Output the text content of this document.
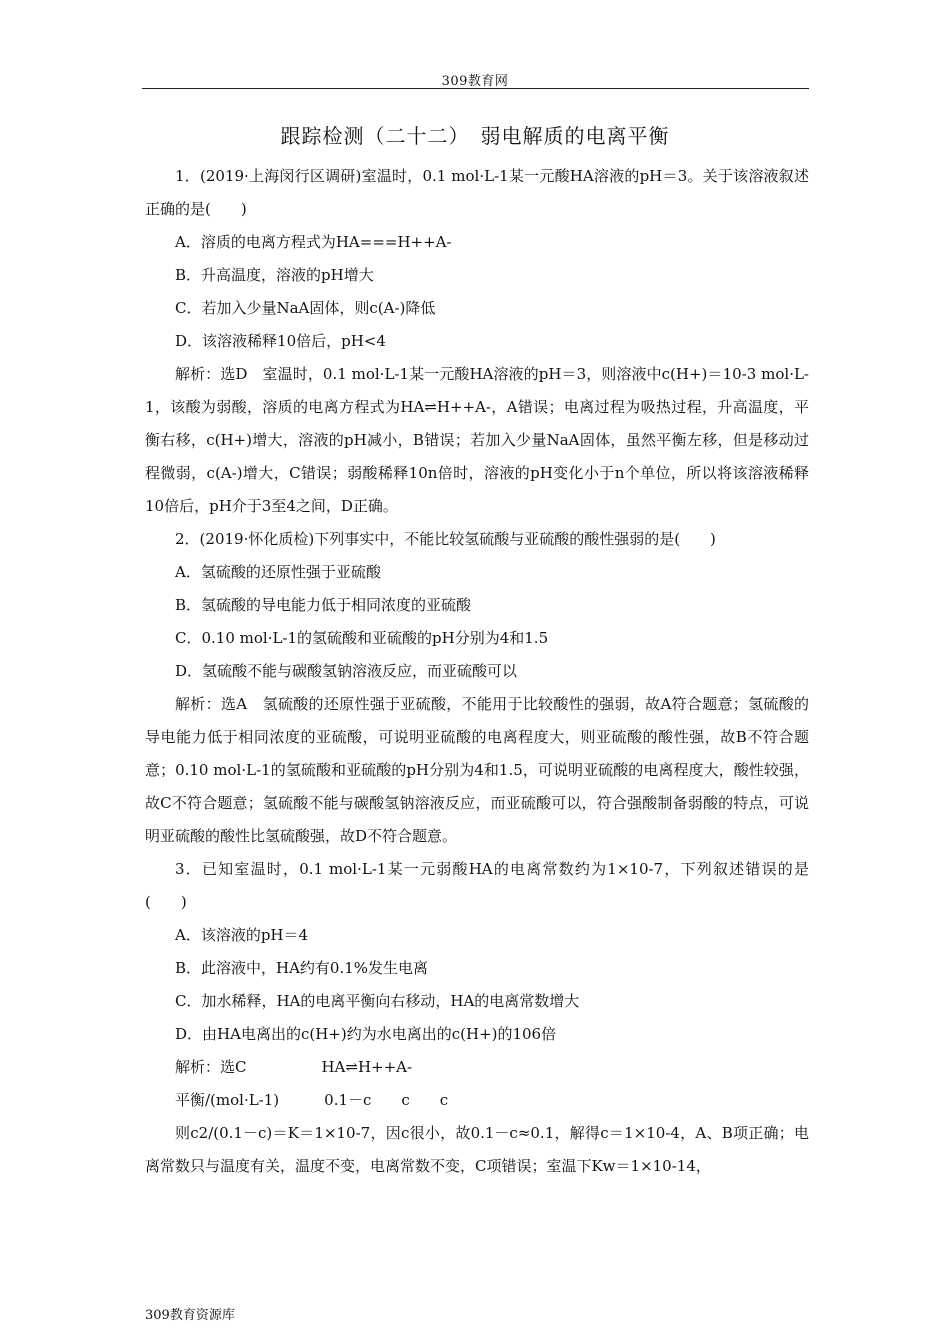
309教育网
跟踪检测（二十二）　弱电解质的电离平衡

1．(2019·上海闵行区调研)室温时，0.1 mol·L-1某一元酸HA溶液的pH＝3。关于该溶液叙述正确的是(　　)

A．溶质的电离方程式为HA===H++A-

B．升高温度，溶液的pH增大

C．若加入少量NaA固体，则c(A-)降低

D．该溶液稀释10倍后，pH<4

解析：选D　室温时，0.1 mol·L-1某一元酸HA溶液的pH＝3，则溶液中c(H+)＝10-3 mol·L-1，该酸为弱酸，溶质的电离方程式为HA⇌H++A-，A错误；电离过程为吸热过程，升高温度，平衡右移，c(H+)增大，溶液的pH减小，B错误；若加入少量NaA固体，虽然平衡左移，但是移动过程微弱，c(A-)增大，C错误；弱酸稀释10n倍时，溶液的pH变化小于n个单位，所以将该溶液稀释10倍后，pH介于3至4之间，D正确。

2．(2019·怀化质检)下列事实中，不能比较氢硫酸与亚硫酸的酸性强弱的是(　　)

A．氢硫酸的还原性强于亚硫酸

B．氢硫酸的导电能力低于相同浓度的亚硫酸

C．0.10 mol·L-1的氢硫酸和亚硫酸的pH分别为4和1.5

D．氢硫酸不能与碳酸氢钠溶液反应，而亚硫酸可以

解析：选A　氢硫酸的还原性强于亚硫酸，不能用于比较酸性的强弱，故A符合题意；氢硫酸的导电能力低于相同浓度的亚硫酸，可说明亚硫酸的电离程度大，则亚硫酸的酸性强，故B不符合题意；0.10 mol·L-1的氢硫酸和亚硫酸的pH分别为4和1.5，可说明亚硫酸的电离程度大，酸性较强，故C不符合题意；氢硫酸不能与碳酸氢钠溶液反应，而亚硫酸可以，符合强酸制备弱酸的特点，可说明亚硫酸的酸性比氢硫酸强，故D不符合题意。

3．已知室温时，0.1 mol·L-1某一元弱酸HA的电离常数约为1×10-7，下列叙述错误的是(　　)

A．该溶液的pH＝4

B．此溶液中，HA约有0.1%发生电离

C．加水稀释，HA的电离平衡向右移动，HA的电离常数增大

D．由HA电离出的c(H+)约为水电离出的c(H+)的106倍

解析：选C　　　　　HA⇌H++A-

平衡/(mol·L-1)　　　0.1－c　　c　　c

则c2/(0.1－c)＝K＝1×10-7，因c很小，故0.1－c≈0.1，解得c＝1×10-4，A、B项正确；电离常数只与温度有关，温度不变，电离常数不变，C项错误；室温下Kw＝1×10-14，

309教育资源库
